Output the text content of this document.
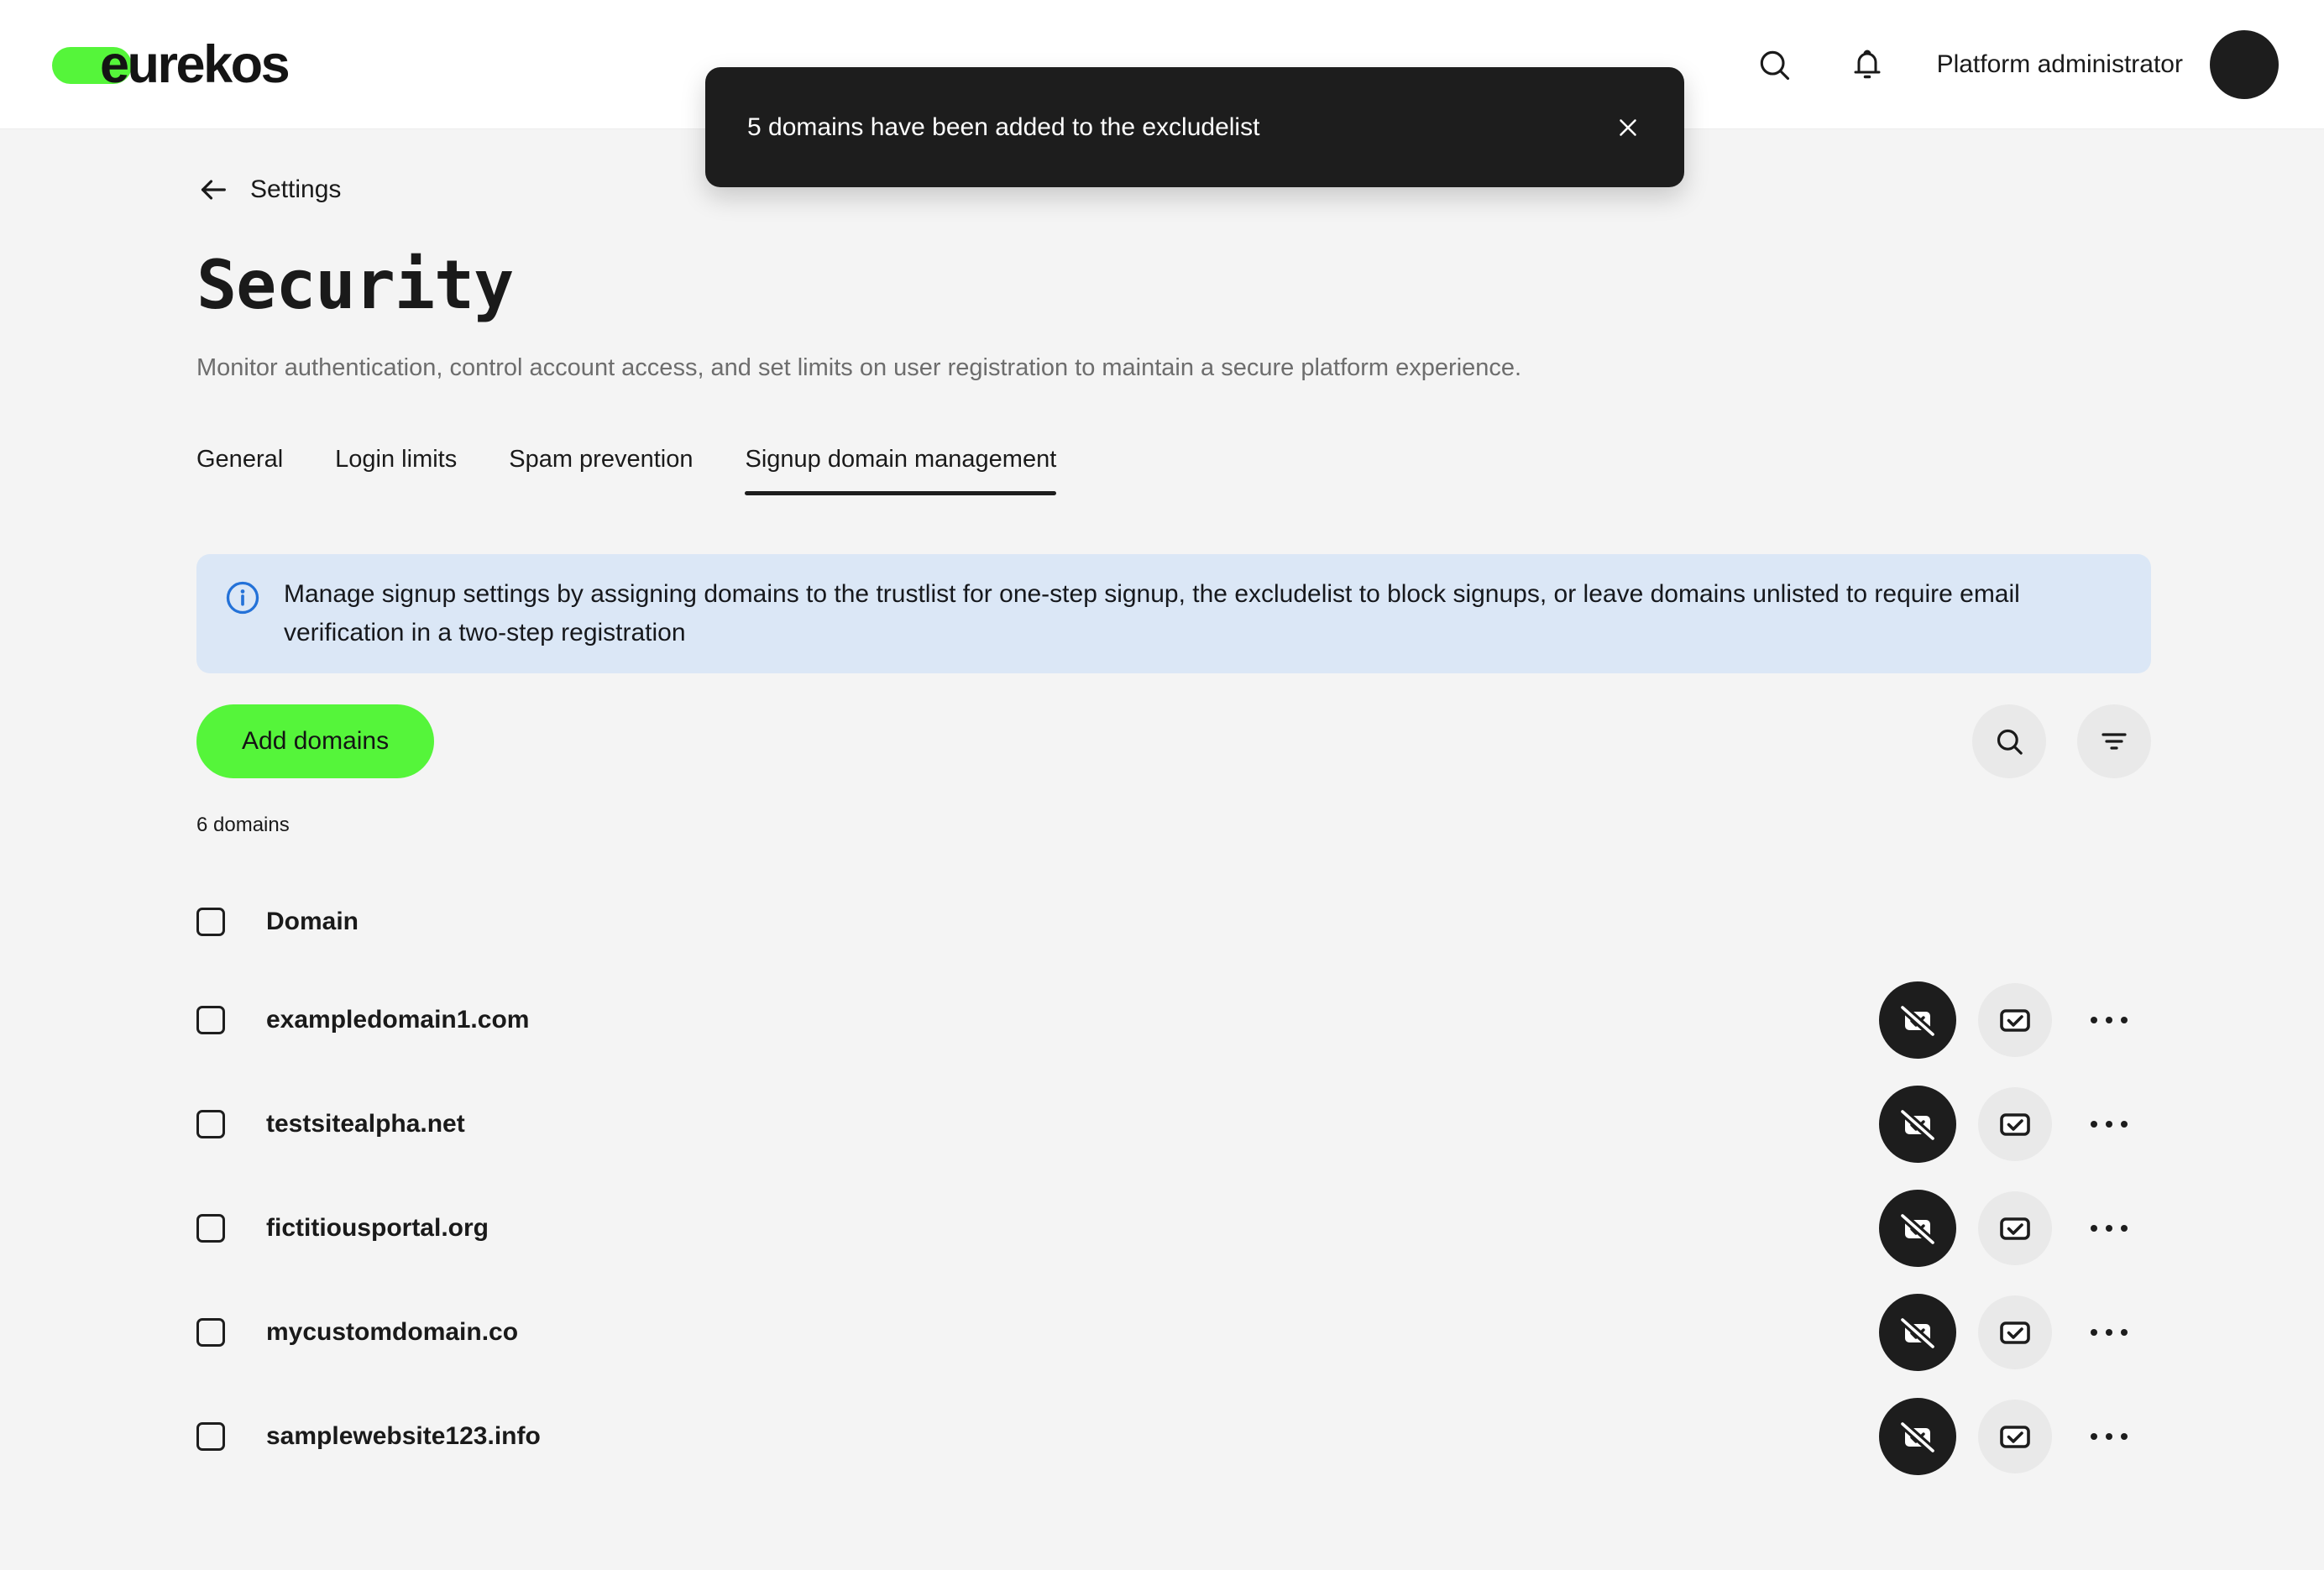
eurekos	Platform administrator
5 domains have been added to the excludelist
Settings
Security

Monitor authentication, control account access, and set limits on user registration to maintain a secure platform experience.

General Login limits Spam prevention Signup domain management

Manage signup settings by assigning domains to the trustlist for one-step signup, the excludelist to block signups, or leave domains unlisted to require email verification in a two-step registration

Add domains

6 domains

Domain
exampledomain1.com
testsitealpha.net
fictitiousportal.org
mycustomdomain.co
samplewebsite123.info
